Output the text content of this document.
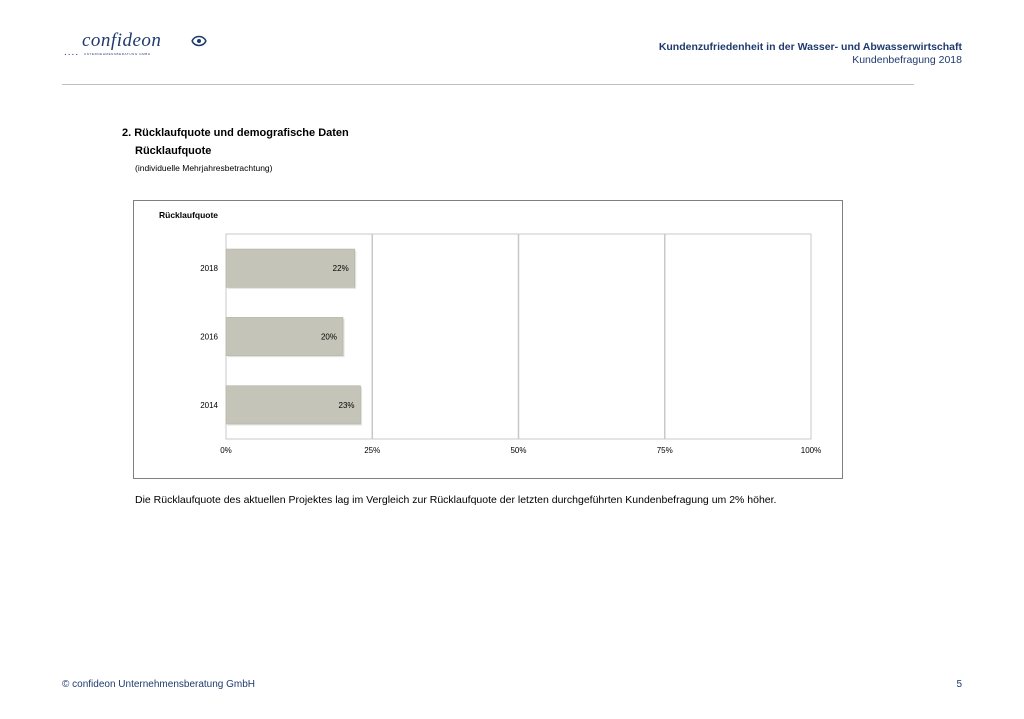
....
confideon
UNTERNEHMENSBERATUNG GMBH
Kundenzufriedenheit in der Wasser- und Abwasserwirtschaft
Kundenbefragung 2018
2. Rücklaufquote und demografische Daten
Rücklaufquote
(individuelle Mehrjahresbetrachtung)
Rücklaufquote
0%	25%	50%	75%	100%
2018	22%
2016	20%
2014	23%
Die Rücklaufquote des aktuellen Projektes lag im Vergleich zur Rücklaufquote der letzten durchgeführten Kundenbefragung um 2% höher.
© confideon Unternehmensberatung GmbH	5
